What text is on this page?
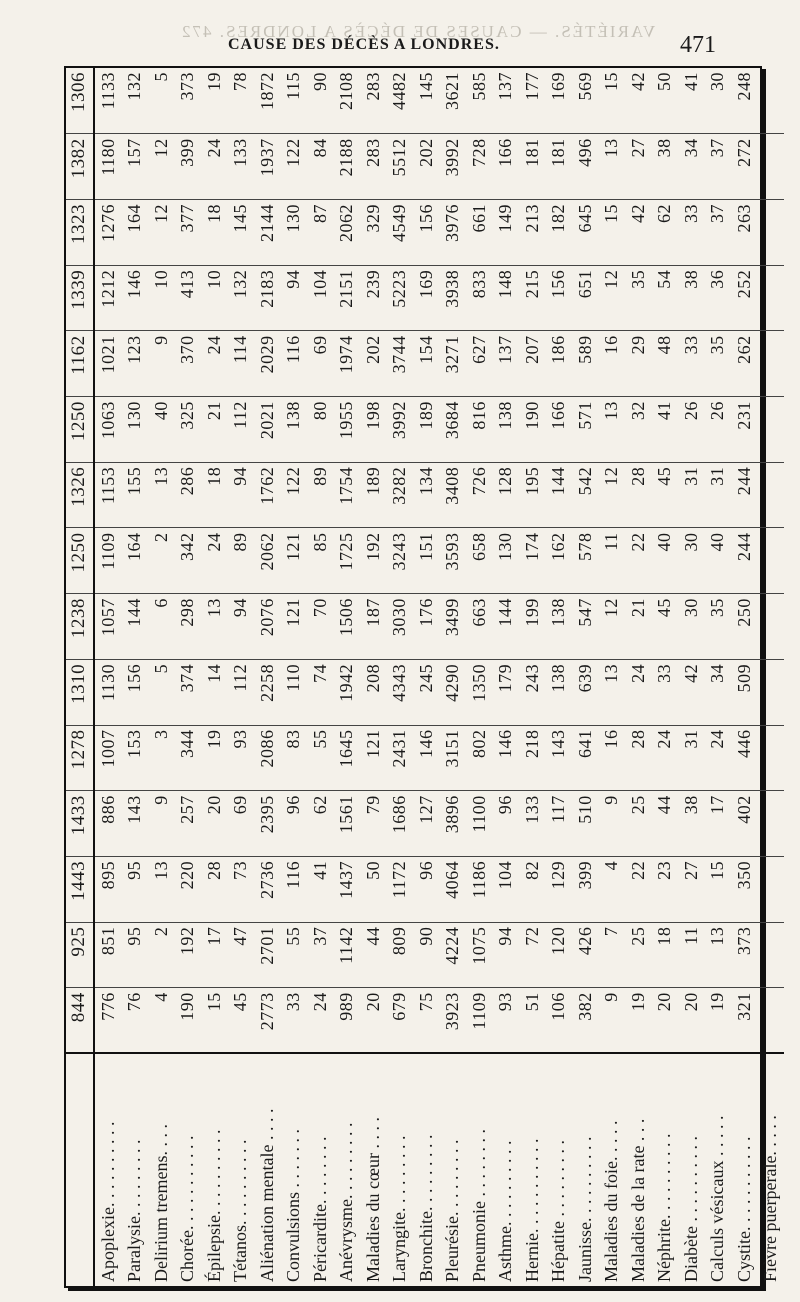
VARIÉTÉS. — CAUSES DE DÉCÈS A LONDRES. 472
CAUSE DES DÉCÈS A LONDRES.	471
	844	925	1443	1433	1278	1310	1238	1250	1326	1250	1162	1339	1323	1382	1306
Apoplexie. . . . . . . . . .	776	851	895	886	1007	1130	1057	1109	1153	1063	1021	1212	1276	1180	1133
Paralysie. . . . . . . . .	76	95	95	143	153	156	144	164	155	130	123	146	164	157	132
Delirium tremens. . . .	4	2	13	9	3	5	6	2	13	40	9	10	12	12	5
Chorée. . . . . . . . . . .	190	192	220	257	344	374	298	342	286	325	370	413	377	399	373
Épilepsie. . . . . . . . . .	15	17	28	20	19	14	13	24	18	21	24	10	18	24	19
Tétanos. . . . . . . . . .	45	47	73	69	93	112	94	89	94	112	114	132	145	133	78
Aliénation mentale . . . .	2773	2701	2736	2395	2086	2258	2076	2062	1762	2021	2029	2183	2144	1937	1872
Convulsions . . . . . . .	33	55	116	96	83	110	121	121	122	138	116	94	130	122	115
Péricardite. . . . . . . .	24	37	41	62	55	74	70	85	89	80	69	104	87	84	90
Anévrysme. . . . . . . . .	989	1142	1437	1561	1645	1942	1506	1725	1754	1955	1974	2151	2062	2188	2108
Maladies du cœur . . . .	20	44	50	79	121	208	187	192	189	198	202	239	329	283	283
Laryngite. . . . . . . . .	679	809	1172	1686	2431	4343	3030	3243	3282	3992	3744	5223	4549	5512	4482
Bronchite. . . . . . . . .	75	90	96	127	146	245	176	151	134	189	154	169	156	202	145
Pleurésie. . . . . . . . .	3923	4224	4064	3896	3151	4290	3499	3593	3408	3684	3271	3938	3976	3992	3621
Pneumonie . . . . . . . .	1109	1075	1186	1100	802	1350	663	658	726	816	627	833	661	728	585
Asthme. . . . . . . . . .	93	94	104	96	146	179	144	130	128	138	137	148	149	166	137
Hernie. . . . . . . . . . .	51	72	82	133	218	243	199	174	195	190	207	215	213	181	177
Hépatite . . . . . . . . .	106	120	129	117	143	138	138	162	144	166	186	156	182	181	169
Jaunisse. . . . . . . . . .	382	426	399	510	641	639	547	578	542	571	589	651	645	496	569
Maladies du foie. . . . .	9	7	4	9	16	13	12	11	12	13	16	12	15	13	15
Maladies de la rate . . .	19	25	22	25	28	24	21	22	28	32	29	35	42	27	42
Néphrite. . . . . . . . . .	20	18	23	44	24	33	45	40	45	41	48	54	62	38	50
Diabète . . . . . . . . . .	20	11	27	38	31	42	30	30	31	26	33	38	33	34	41
Calculs vésicaux . . . . .	19	13	15	17	24	34	35	40	31	26	35	36	37	37	30
Cystite. . . . . . . . . . .	321	373	350	402	446	509	250	244	244	231	262	252	263	272	248
Fièvre puerpérale. . . . .															
